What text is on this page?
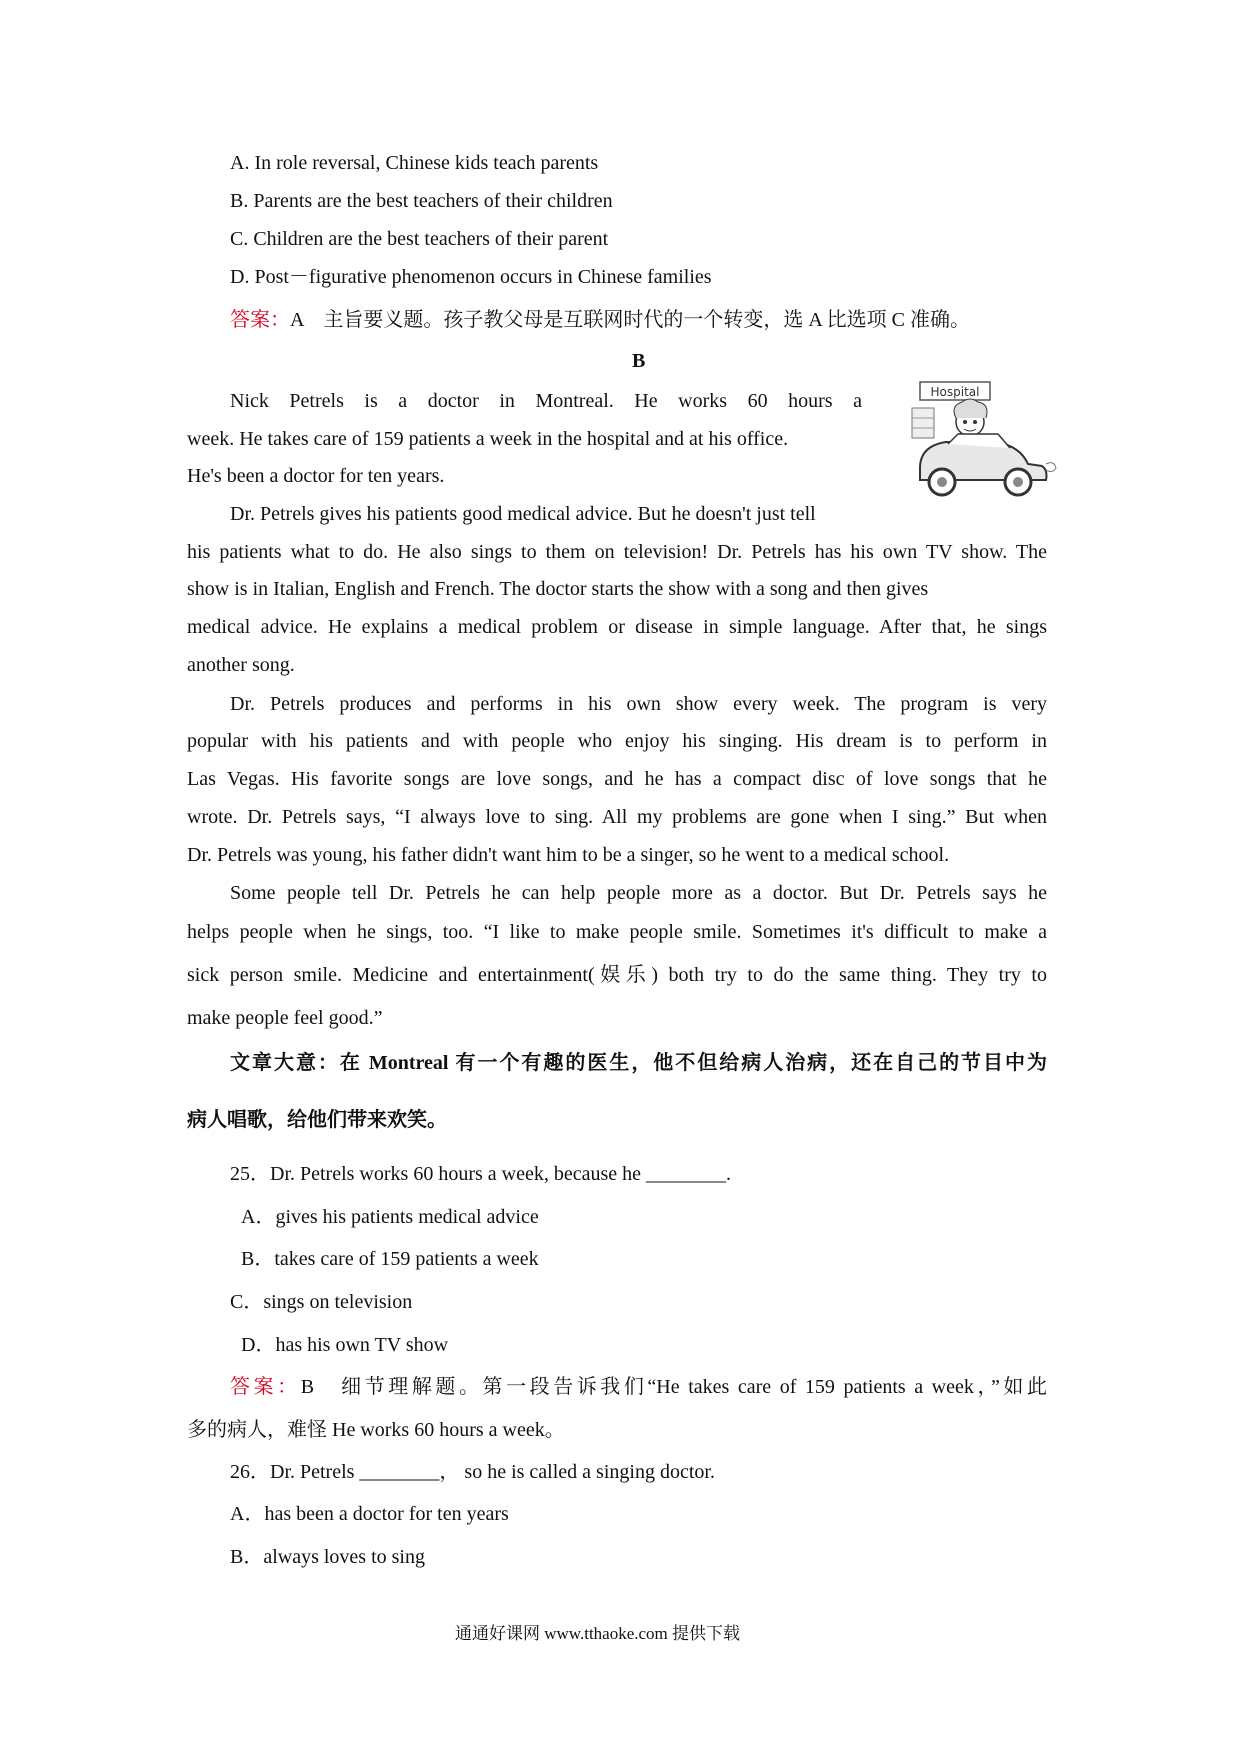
A. In role reversal, Chinese kids teach parents
B. Parents are the best teachers of their children
C. Children are the best teachers of their parent
D. Post－figurative phenomenon occurs in Chinese families
答案：A　主旨要义题。孩子教父母是互联网时代的一个转变，选 A 比选项 C 准确。
B
Hospital
Nick Petrels is a doctor in Montreal. He works 60 hours a
week. He takes care of 159 patients a week in the hospital and at his office.
He's been a doctor for ten years.
Dr. Petrels gives his patients good medical advice. But he doesn't just tell
his patients what to do. He also sings to them on television! Dr. Petrels has his own TV show. The
show is in Italian, English and French. The doctor starts the show with a song and then gives
medical advice. He explains a medical problem or disease in simple language. After that, he sings
another song.
Dr. Petrels produces and performs in his own show every week. The program is very
popular with his patients and with people who enjoy his singing. His dream is to perform in
Las Vegas. His favorite songs are love songs, and he has a compact disc of love songs that he
wrote. Dr. Petrels says, “I always love to sing. All my problems are gone when I sing.” But when
Dr. Petrels was young, his father didn't want him to be a singer, so he went to a medical school.
Some people tell Dr. Petrels he can help people more as a doctor. But Dr. Petrels says he
helps people when he sings, too. “I like to make people smile. Sometimes it's difficult to make a
sick person smile. Medicine and entertainment(娱乐) both try to do the same thing. They try to
make people feel good.”
文章大意：在 Montreal 有一个有趣的医生，他不但给病人治病，还在自己的节目中为
病人唱歌，给他们带来欢笑。
25．Dr. Petrels works 60 hours a week, because he ________.
A．gives his patients medical advice
B．takes care of 159 patients a week
C．sings on television
D．has his own TV show
答案：B　细节理解题。第一段告诉我们“He takes care of 159 patients a week，”如此
多的病人，难怪 He works 60 hours a week。
26．Dr. Petrels ________， so he is called a singing doctor.
A．has been a doctor for ten years
B．always loves to sing
通通好课网 www.tthaoke.com 提供下载
